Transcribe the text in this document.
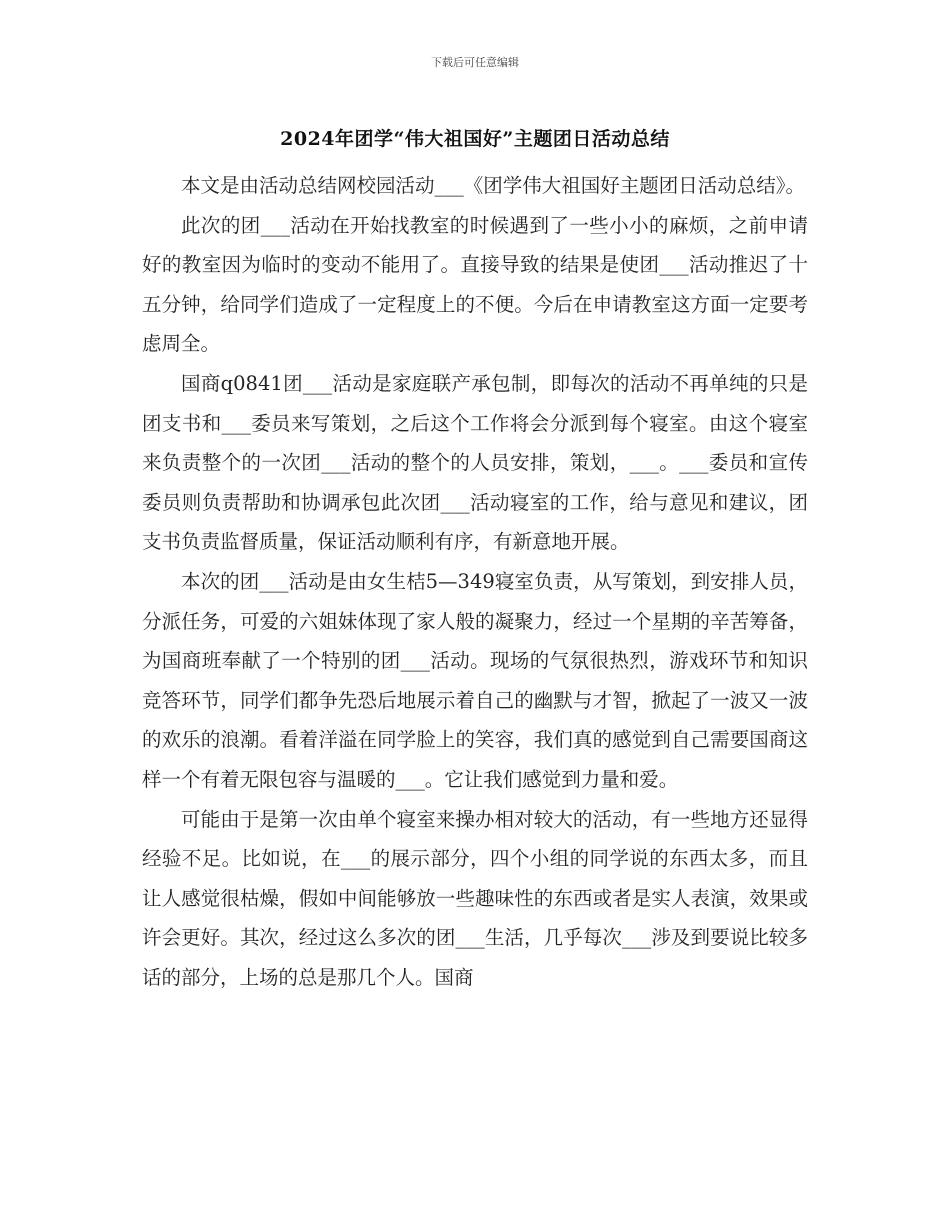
下载后可任意编辑
2024年团学“伟大祖国好”主题团日活动总结

本文是由活动总结网校园活动___《团学伟大祖国好主题团日活动总结》。

此次的团___活动在开始找教室的时候遇到了一些小小的麻烦，之前申请好的教室因为临时的变动不能用了。直接导致的结果是使团___活动推迟了十五分钟，给同学们造成了一定程度上的不便。今后在申请教室这方面一定要考虑周全。

国商q0841团___活动是家庭联产承包制，即每次的活动不再单纯的只是团支书和___委员来写策划，之后这个工作将会分派到每个寝室。由这个寝室来负责整个的一次团___活动的整个的人员安排，策划，___。___委员和宣传委员则负责帮助和协调承包此次团___活动寝室的工作，给与意见和建议，团支书负责监督质量，保证活动顺利有序，有新意地开展。

本次的团___活动是由女生桔5—349寝室负责，从写策划，到安排人员，分派任务，可爱的六姐妹体现了家人般的凝聚力，经过一个星期的辛苦筹备，为国商班奉献了一个特别的团___活动。现场的气氛很热烈，游戏环节和知识竞答环节，同学们都争先恐后地展示着自己的幽默与才智，掀起了一波又一波的欢乐的浪潮。看着洋溢在同学脸上的笑容，我们真的感觉到自己需要国商这样一个有着无限包容与温暖的___。它让我们感觉到力量和爱。

可能由于是第一次由单个寝室来操办相对较大的活动，有一些地方还显得经验不足。比如说，在___的展示部分，四个小组的同学说的东西太多，而且让人感觉很枯燥，假如中间能够放一些趣味性的东西或者是实人表演，效果或许会更好。其次，经过这么多次的团___生活，几乎每次___涉及到要说比较多话的部分，上场的总是那几个人。国商
